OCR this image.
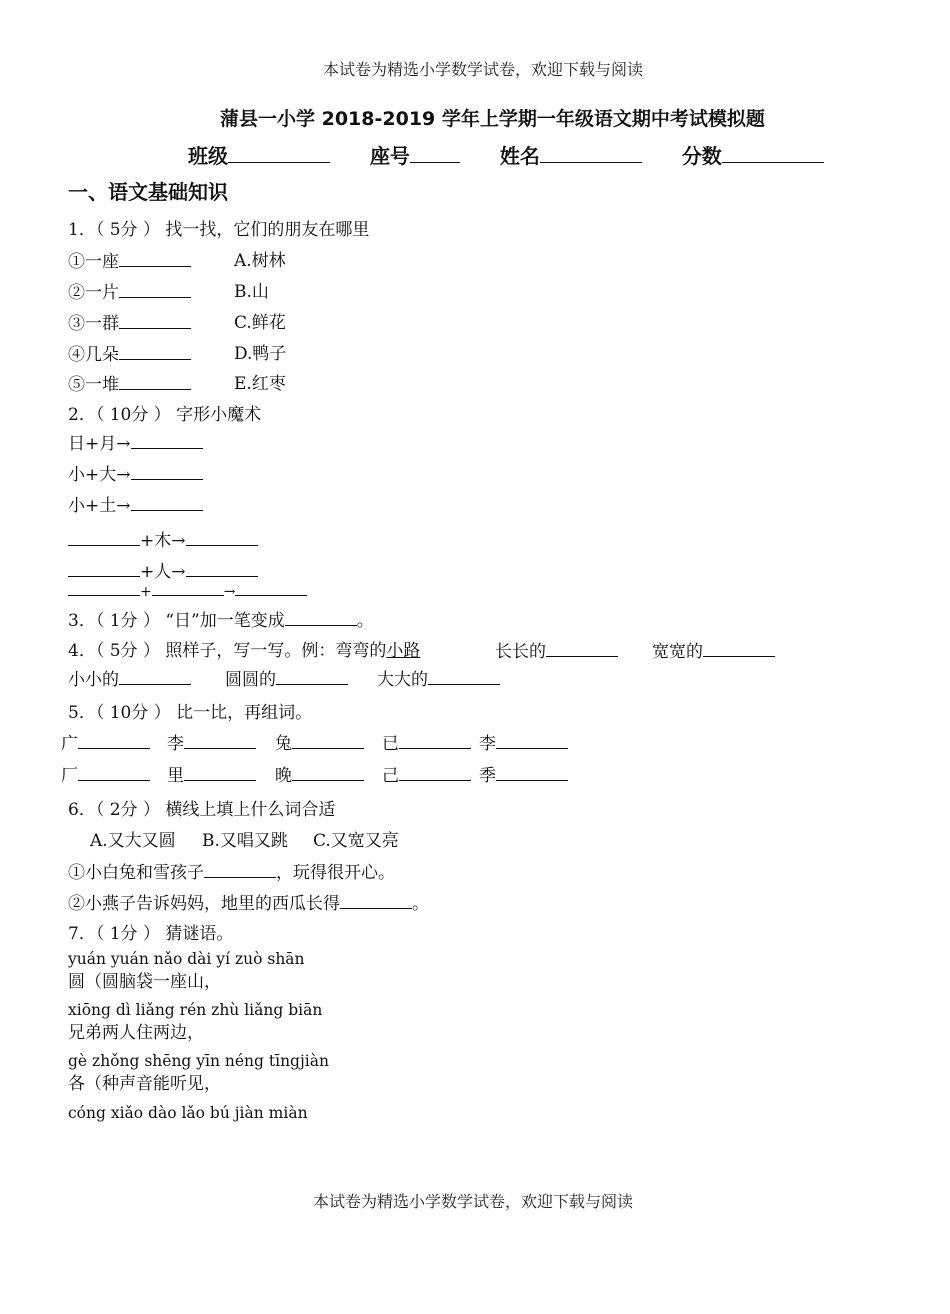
本试卷为精选小学数学试卷，欢迎下载与阅读
蒲县一小学 2018-2019 学年上学期一年级语文期中考试模拟题
班级	座号	姓名	分数
一、语文基础知识
1．（ 5分 ） 找一找，它们的朋友在哪里
①一座	A.树林
②一片	B.山
③一群	C.鲜花
④几朵	D.鸭子
⑤一堆	E.红枣
2．（ 10分 ） 字形小魔术
日+月→
小+大→
小+土→
+木→
+人→
+	→
3．（ 1分 ） “日”加一笔变成	。
4．（ 5分 ） 照样子，写一写。例：弯弯的小路	长长的	宽宽的
小小的	圆圆的	大大的
5．（ 10分 ） 比一比，再组词。
广	李	兔	已	李
厂	里	晚	己	季
6．（ 2分 ） 横线上填上什么词合适
A.又大又圆 B.又唱又跳 C.又宽又亮
①小白兔和雪孩子	，玩得很开心。
②小燕子告诉妈妈，地里的西瓜长得	。
7．（ 1分 ） 猜谜语。
yuán yuán nǎo dài yí zuò shān
圆（圆脑袋一座山，
xiōng dì liǎng rén zhù liǎng biān
兄弟两人住两边，
gè zhǒng shēng yīn néng tīngjiàn
各（种声音能听见，
cóng xiǎo dào lǎo bú jiàn miàn
本试卷为精选小学数学试卷，欢迎下载与阅读
